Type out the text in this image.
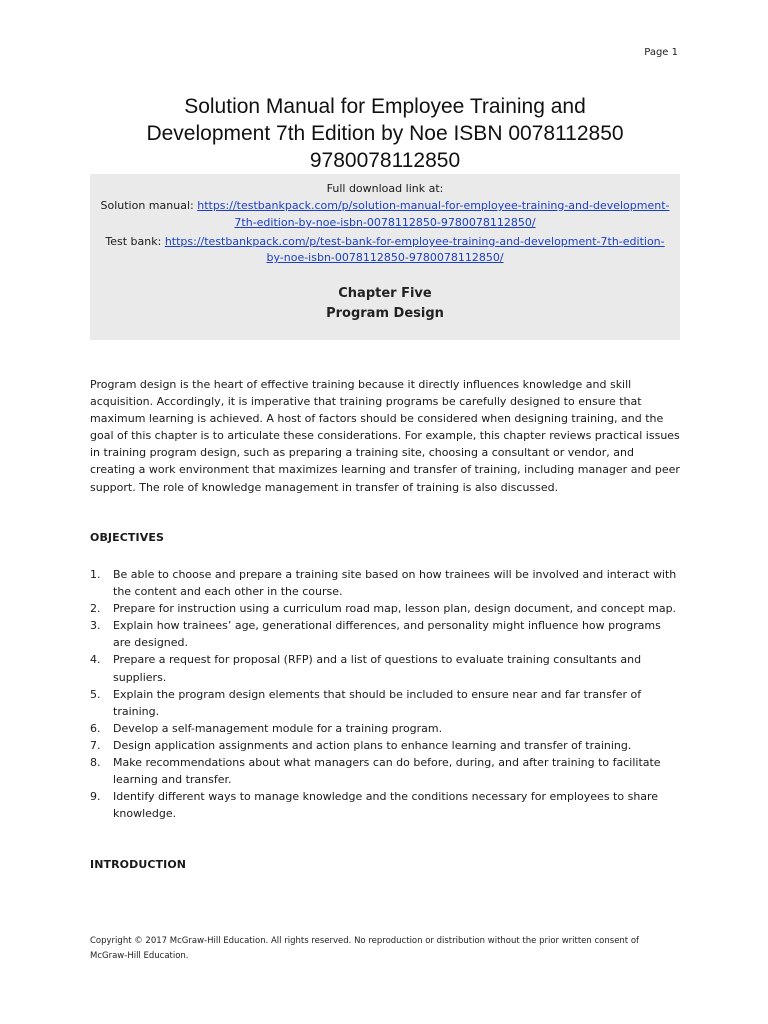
Page 1
Solution Manual for Employee Training and
Development 7th Edition by Noe ISBN 0078112850
9780078112850
Full download link at:
Solution manual: https://testbankpack.com/p/solution-manual-for-employee-training-and-development-
7th-edition-by-noe-isbn-0078112850-9780078112850/
Test bank: https://testbankpack.com/p/test-bank-for-employee-training-and-development-7th-edition-
by-noe-isbn-0078112850-9780078112850/
Chapter Five
Program Design
Program design is the heart of effective training because it directly influences knowledge and skill
acquisition. Accordingly, it is imperative that training programs be carefully designed to ensure that
maximum learning is achieved. A host of factors should be considered when designing training, and the
goal of this chapter is to articulate these considerations. For example, this chapter reviews practical issues
in training program design, such as preparing a training site, choosing a consultant or vendor, and
creating a work environment that maximizes learning and transfer of training, including manager and peer
support. The role of knowledge management in transfer of training is also discussed.
OBJECTIVES
1. Be able to choose and prepare a training site based on how trainees will be involved and interact with
the content and each other in the course.
2. Prepare for instruction using a curriculum road map, lesson plan, design document, and concept map.
3. Explain how trainees’ age, generational differences, and personality might influence how programs
are designed.
4. Prepare a request for proposal (RFP) and a list of questions to evaluate training consultants and
suppliers.
5. Explain the program design elements that should be included to ensure near and far transfer of
training.
6. Develop a self-management module for a training program.
7. Design application assignments and action plans to enhance learning and transfer of training.
8. Make recommendations about what managers can do before, during, and after training to facilitate
learning and transfer.
9. Identify different ways to manage knowledge and the conditions necessary for employees to share
knowledge.
INTRODUCTION
Copyright © 2017 McGraw-Hill Education. All rights reserved. No reproduction or distribution without the prior written consent of
McGraw-Hill Education.
